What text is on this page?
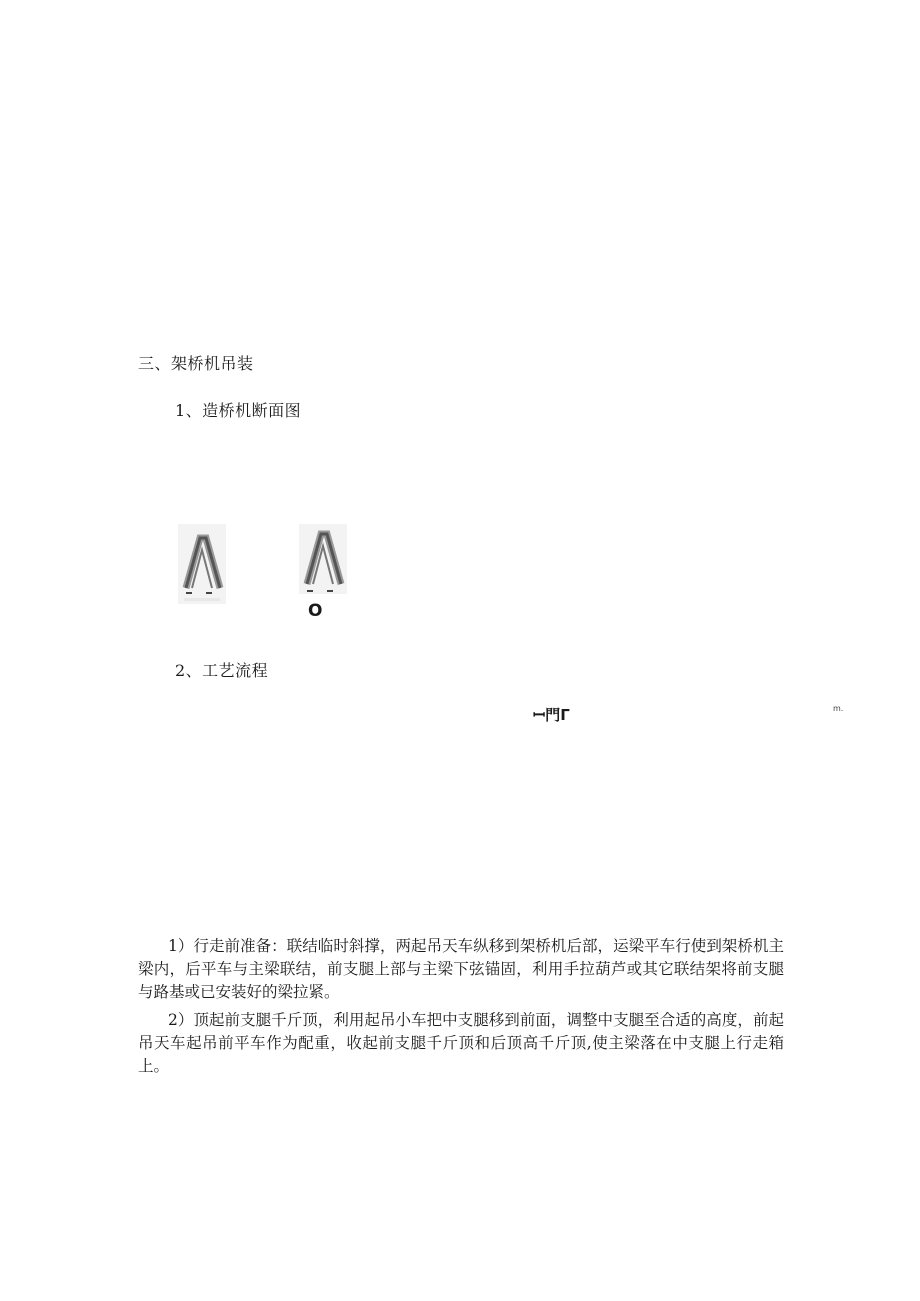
三、架桥机吊装
1、造桥机断面图
O
2、工艺流程
ꟷ門Γ	m.
1）行走前准备：联结临时斜撑，两起吊天车纵移到架桥机后部，运梁平车行使到架桥机主梁内，后平车与主梁联结，前支腿上部与主梁下弦锚固，利用手拉葫芦或其它联结架将前支腿与路基或已安装好的梁拉紧。
2）顶起前支腿千斤顶，利用起吊小车把中支腿移到前面，调整中支腿至合适的高度，前起吊天车起吊前平车作为配重，收起前支腿千斤顶和后顶高千斤顶,使主梁落在中支腿上行走箱上。
